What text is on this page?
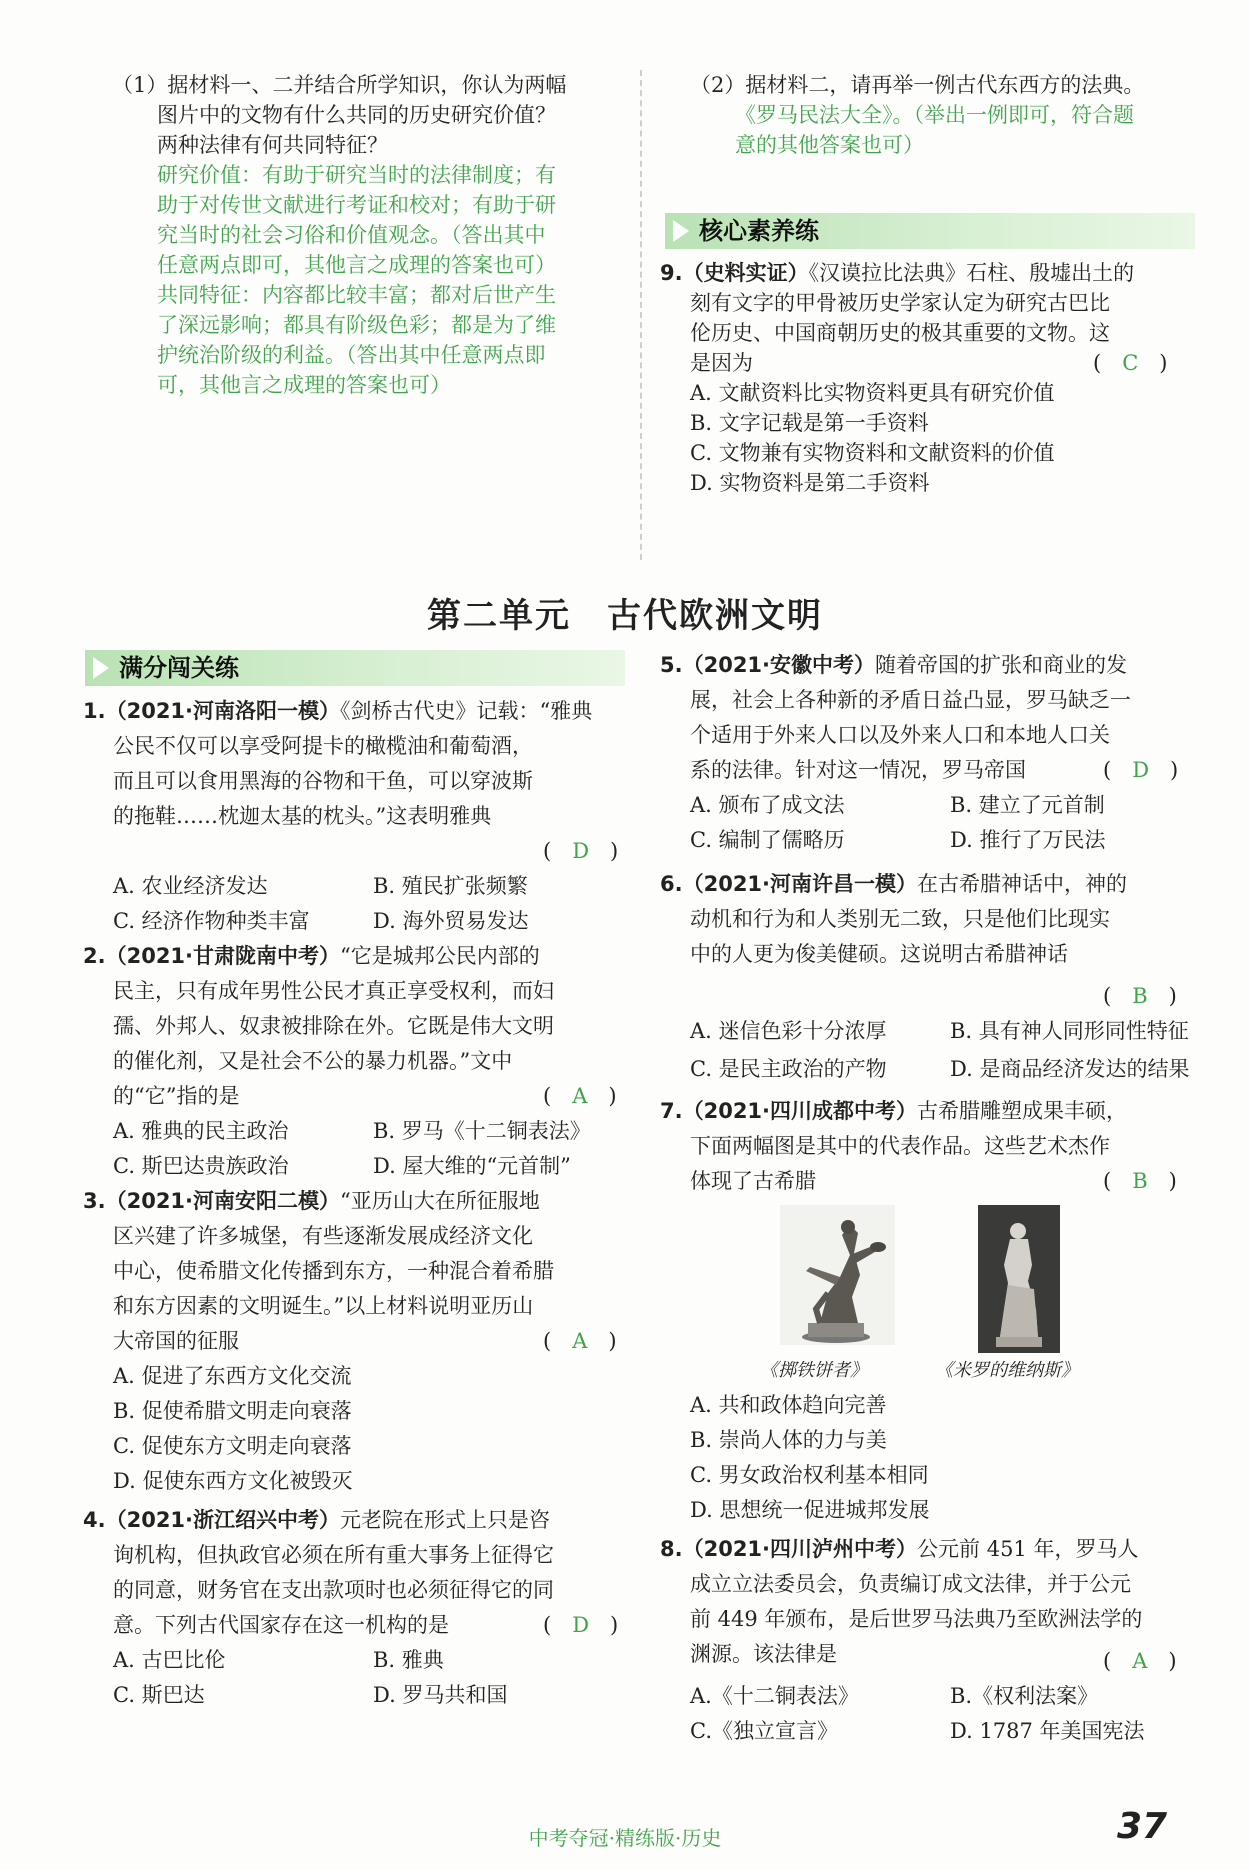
（1）据材料一、二并结合所学知识，你认为两幅
图片中的文物有什么共同的历史研究价值？
两种法律有何共同特征？
研究价值：有助于研究当时的法律制度；有
助于对传世文献进行考证和校对；有助于研
究当时的社会习俗和价值观念。（答出其中
任意两点即可，其他言之成理的答案也可）
共同特征：内容都比较丰富；都对后世产生
了深远影响；都具有阶级色彩；都是为了维
护统治阶级的利益。（答出其中任意两点即
可，其他言之成理的答案也可）
（2）据材料二，请再举一例古代东西方的法典。
《罗马民法大全》。（举出一例即可，符合题
意的其他答案也可）
核心素养练
9.（史料实证）《汉谟拉比法典》石柱、殷墟出土的
刻有文字的甲骨被历史学家认定为研究古巴比
伦历史、中国商朝历史的极其重要的文物。这
是因为	(　C　)
A. 文献资料比实物资料更具有研究价值
B. 文字记载是第一手资料
C. 文物兼有实物资料和文献资料的价值
D. 实物资料是第二手资料
第二单元　古代欧洲文明
满分闯关练
1.（2021·河南洛阳一模）《剑桥古代史》记载：“雅典
公民不仅可以享受阿提卡的橄榄油和葡萄酒，
而且可以食用黑海的谷物和干鱼，可以穿波斯
的拖鞋……枕迦太基的枕头。”这表明雅典
(　D　)
A. 农业经济发达	B. 殖民扩张频繁
C. 经济作物种类丰富	D. 海外贸易发达
2.（2021·甘肃陇南中考）“它是城邦公民内部的
民主，只有成年男性公民才真正享受权利，而妇
孺、外邦人、奴隶被排除在外。它既是伟大文明
的催化剂，又是社会不公的暴力机器。”文中
的“它”指的是	(　A　)
A. 雅典的民主政治	B. 罗马《十二铜表法》
C. 斯巴达贵族政治	D. 屋大维的“元首制”
3.（2021·河南安阳二模）“亚历山大在所征服地
区兴建了许多城堡，有些逐渐发展成经济文化
中心，使希腊文化传播到东方，一种混合着希腊
和东方因素的文明诞生。”以上材料说明亚历山
大帝国的征服	(　A　)
A. 促进了东西方文化交流
B. 促使希腊文明走向衰落
C. 促使东方文明走向衰落
D. 促使东西方文化被毁灭
4.（2021·浙江绍兴中考）元老院在形式上只是咨
询机构，但执政官必须在所有重大事务上征得它
的同意，财务官在支出款项时也必须征得它的同
意。下列古代国家存在这一机构的是	(　D　)
A. 古巴比伦	B. 雅典
C. 斯巴达	D. 罗马共和国
5.（2021·安徽中考）随着帝国的扩张和商业的发
展，社会上各种新的矛盾日益凸显，罗马缺乏一
个适用于外来人口以及外来人口和本地人口关
系的法律。针对这一情况，罗马帝国	(　D　)
A. 颁布了成文法	B. 建立了元首制
C. 编制了儒略历	D. 推行了万民法
6.（2021·河南许昌一模）在古希腊神话中，神的
动机和行为和人类别无二致，只是他们比现实
中的人更为俊美健硕。这说明古希腊神话
(　B　)
A. 迷信色彩十分浓厚	B. 具有神人同形同性特征
C. 是民主政治的产物	D. 是商品经济发达的结果
7.（2021·四川成都中考）古希腊雕塑成果丰硕，
下面两幅图是其中的代表作品。这些艺术杰作
体现了古希腊	(　B　)
《掷铁饼者》	《米罗的维纳斯》
A. 共和政体趋向完善
B. 崇尚人体的力与美
C. 男女政治权利基本相同
D. 思想统一促进城邦发展
8.（2021·四川泸州中考）公元前 451 年，罗马人
成立立法委员会，负责编订成文法律，并于公元
前 449 年颁布，是后世罗马法典乃至欧洲法学的
渊源。该法律是	(　A　)
A.《十二铜表法》	B.《权利法案》
C.《独立宣言》	D. 1787 年美国宪法
中考夺冠·精练版·历史	37
